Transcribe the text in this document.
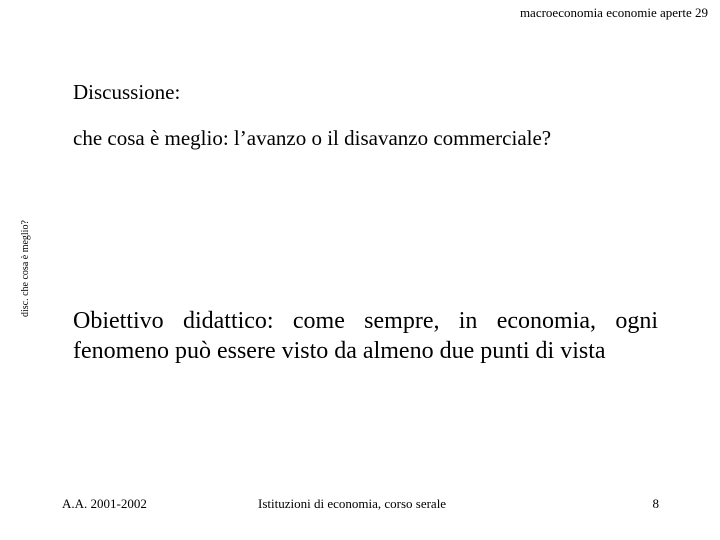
macroeconomia economie aperte 29
disc. che cosa è meglio?
Discussione:
che cosa è meglio: l’avanzo o il disavanzo commerciale?
Obiettivo didattico: come sempre, in economia, ogni fenomeno può essere visto da almeno due punti di vista
A.A. 2001-2002	Istituzioni di economia, corso serale	8
